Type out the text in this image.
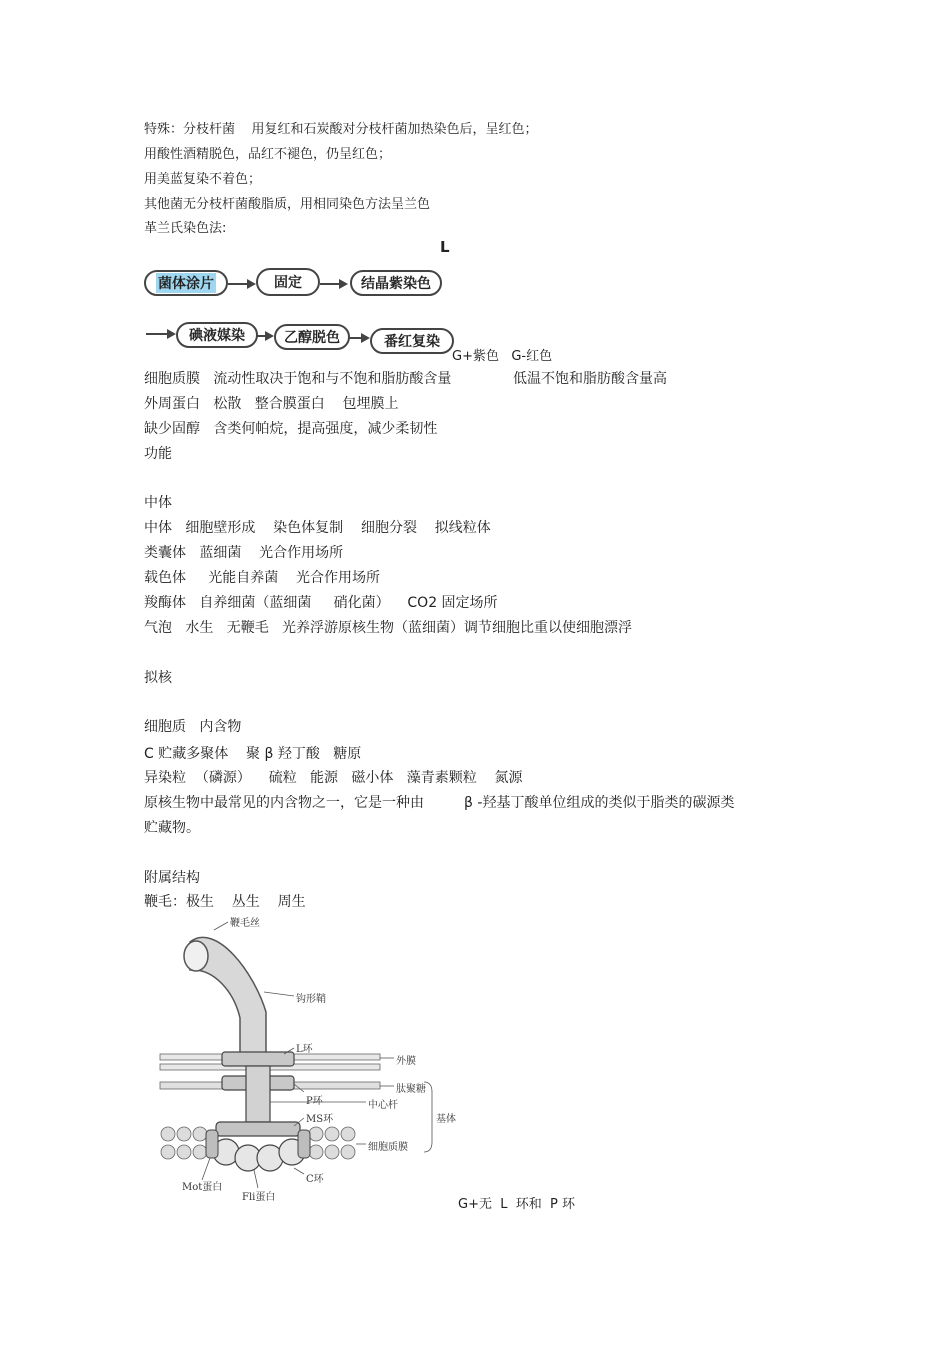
特殊：分枝杆菌 用复红和石炭酸对分枝杆菌加热染色后，呈红色；
用酸性酒精脱色，品红不褪色，仍呈红色；
用美蓝复染不着色；
其他菌无分枝杆菌酸脂质，用相同染色方法呈兰色
革兰氏染色法:
L
菌体涂片	固定	结晶紫染色
碘液媒染	乙醇脱色	番红复染
G+紫色   G-红色
细胞质膜   流动性取决于饱和与不饱和脂肪酸含量	低温不饱和脂肪酸含量高
外周蛋白   松散   整合膜蛋白    包埋膜上
缺少固醇   含类何帕烷，提高强度，减少柔韧性
功能
中体
中体   细胞壁形成    染色体复制    细胞分裂    拟线粒体
类囊体   蓝细菌    光合作用场所
载色体     光能自养菌    光合作用场所
羧酶体   自养细菌（蓝细菌     硝化菌）    CO2 固定场所
气泡   水生   无鞭毛   光养浮游原核生物（蓝细菌）调节细胞比重以使细胞漂浮
拟核
细胞质   内含物
C 贮藏多聚体    聚 β 羟丁酸   糖原
异染粒  （磷源）    硫粒   能源   磁小体   藻青素颗粒    氮源
原核生物中最常见的内含物之一，它是一种由         β -羟基丁酸单位组成的类似于脂类的碳源类
贮藏物。
附属结构
鞭毛：极生    丛生    周生
鞭毛丝
钩形鞘
L环
外膜
肽聚糖
P环	中心杆
MS环	基体
细胞质膜
C环
Mot蛋白
Fli蛋白	G+无  L  环和  P 环
